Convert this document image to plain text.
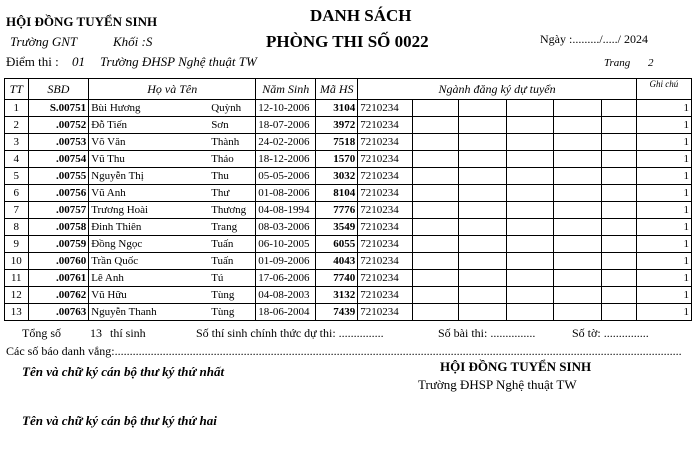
HỘI ĐỒNG TUYỂN SINH
Trường GNT	Khối :S
Điểm thi : 01 Trường ĐHSP Nghệ thuật TW
DANH SÁCH
PHÒNG THI SỐ 0022	Ngày :........./...../ 2024
Trang 2
TT	SBD	Họ và Tên	Năm Sinh	Mã HS	Ngành đăng ký dự tuyển						Ghi chú
1	S.00751	Bùi Hương Quỳnh	12-10-2006	3104	7210234						1
2	.00752	Đỗ Tiến Sơn	18-07-2006	3972	7210234						1
3	.00753	Võ Văn Thành	24-02-2006	7518	7210234						1
4	.00754	Vũ Thu Thảo	18-12-2006	1570	7210234						1
5	.00755	Nguyễn Thị Thu	05-05-2006	3032	7210234						1
6	.00756	Vũ Anh Thư	01-08-2006	8104	7210234						1
7	.00757	Trương Hoài Thương	04-08-1994	7776	7210234						1
8	.00758	Đinh Thiên Trang	08-03-2006	3549	7210234						1
9	.00759	Đồng Ngọc Tuấn	06-10-2005	6055	7210234						1
10	.00760	Trần Quốc Tuấn	01-09-2006	4043	7210234						1
11	.00761	Lê Anh Tú	17-06-2006	7740	7210234						1
12	.00762	Vũ Hữu Tùng	04-08-2003	3132	7210234						1
13	.00763	Nguyễn Thanh Tùng	18-06-2004	7439	7210234						1
Tổng số 13 thí sinh	Số thí sinh chính thức dự thi: ...............	Số bài thi: ...............	Số tờ: ...............
Các số báo danh vắng:.............................................................................................................................................................................................
Tên và chữ ký cán bộ thư ký thứ nhất	HỘI ĐỒNG TUYỂN SINH
Trường ĐHSP Nghệ thuật TW
Tên và chữ ký cán bộ thư ký thứ hai
